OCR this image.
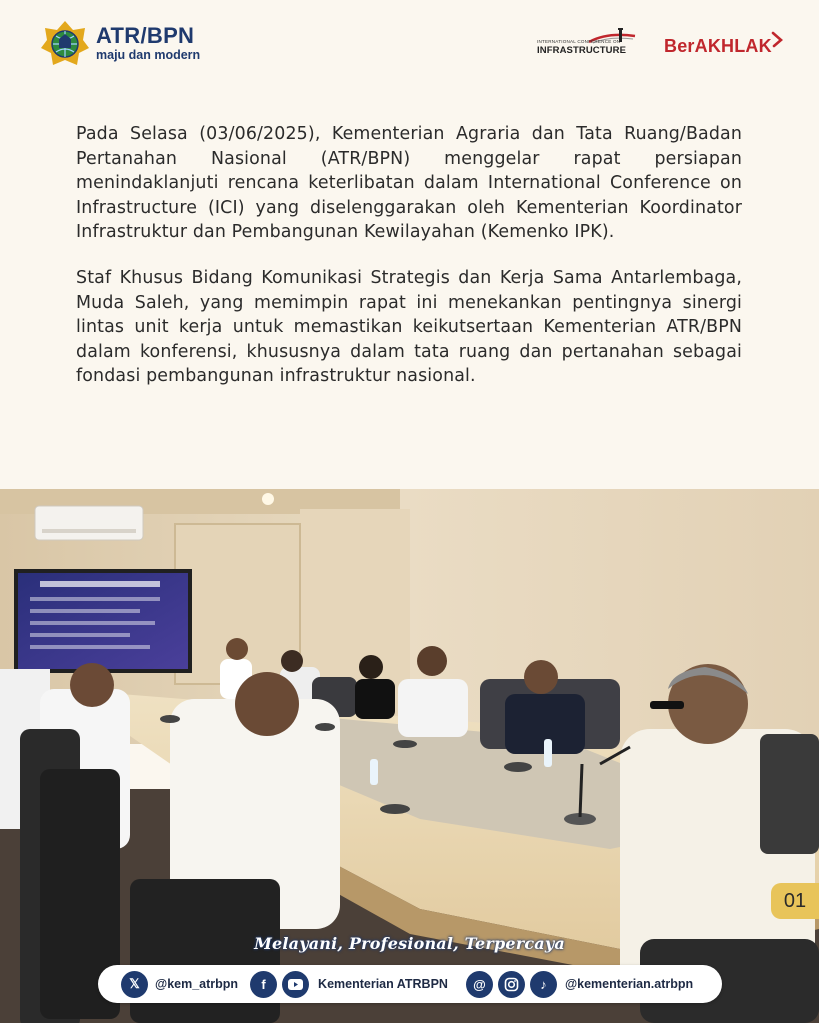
ATR/BPN
maju dan modern
INTERNATIONAL CONFERENCE ON
INFRASTRUCTURE BerAKHLAK

Pada Selasa (03/06/2025), Kementerian Agraria dan Tata Ruang/Badan Pertanahan Nasional (ATR/BPN) menggelar rapat persiapan menindaklanjuti rencana keterlibatan dalam International Conference on Infrastructure (ICI) yang diselenggarakan oleh Kementerian Koordinator Infrastruktur dan Pembangunan Kewilayahan (Kemenko IPK).

Staf Khusus Bidang Komunikasi Strategis dan Kerja Sama Antarlembaga, Muda Saleh, yang memimpin rapat ini menekankan pentingnya sinergi lintas unit kerja untuk memastikan keikutsertaan Kementerian ATR/BPN dalam konferensi, khususnya dalam tata ruang dan pertanahan sebagai fondasi pembangunan infrastruktur nasional.

01
Melayani, Profesional, Terpercaya
𝕏	@kem_atrbpn	f	Kementerian ATRBPN	@	♪	@kementerian.atrbpn
